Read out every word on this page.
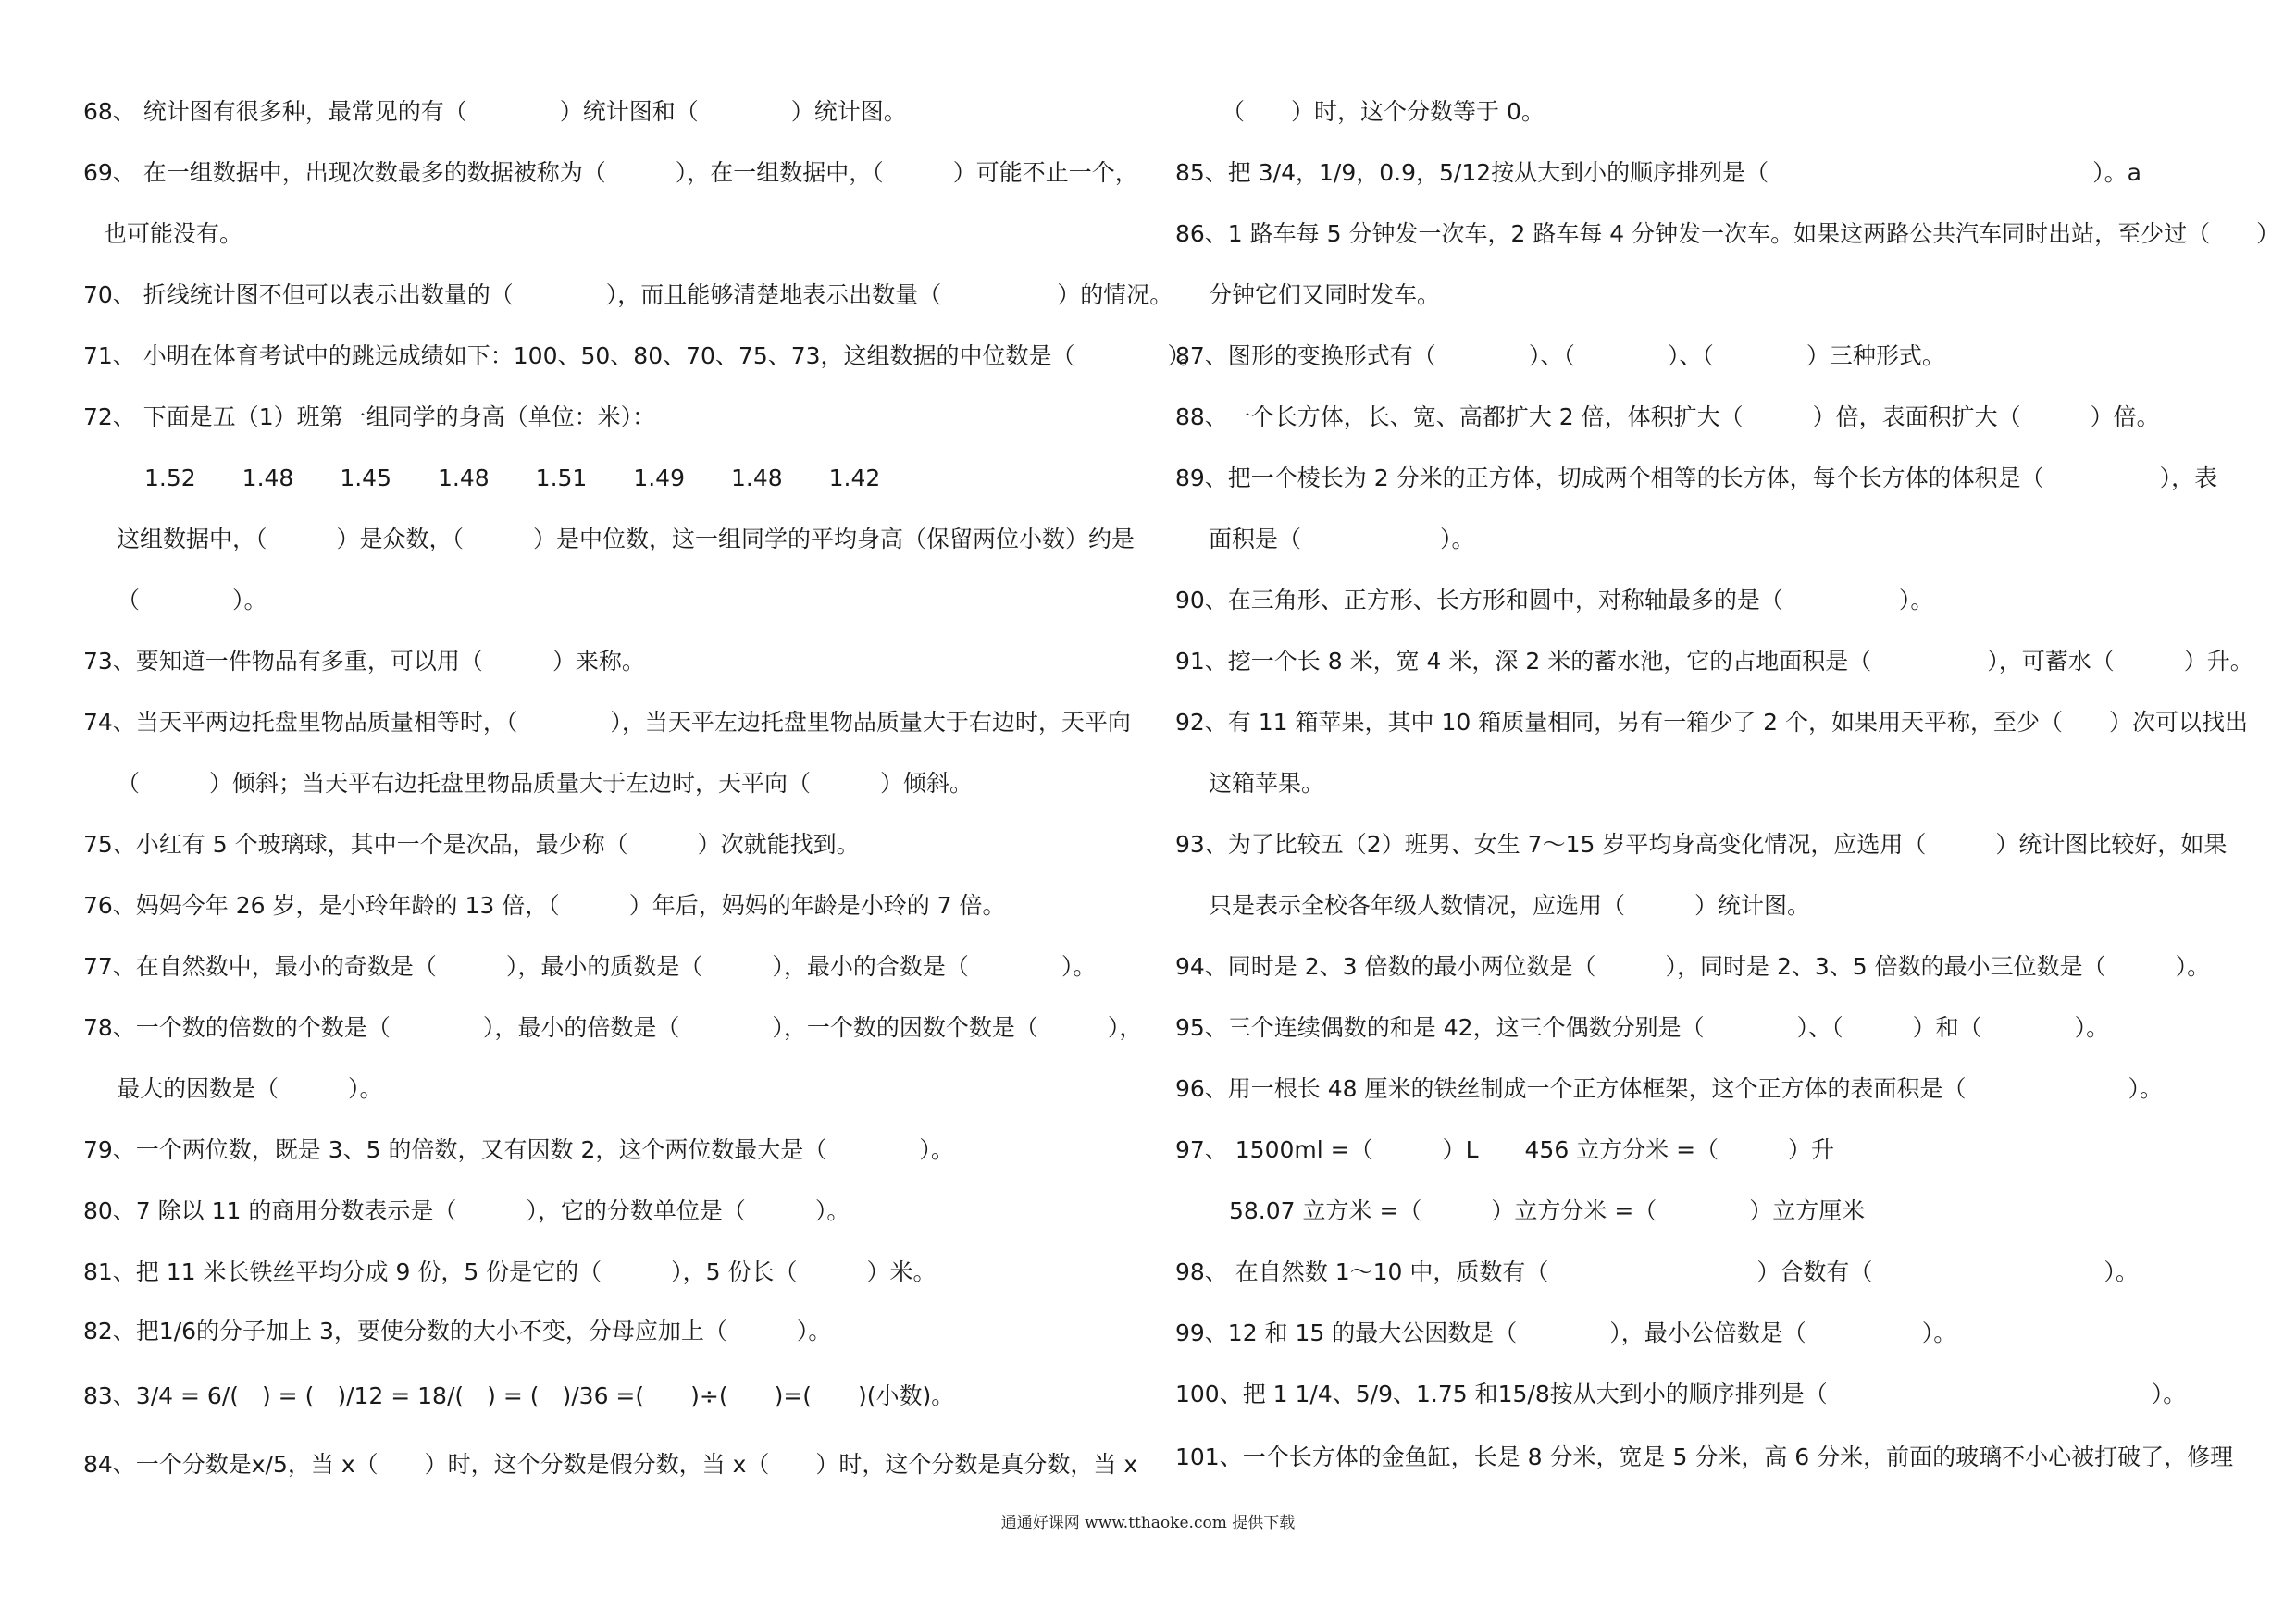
68、 统计图有很多种，最常见的有（　　　　）统计图和（　　　　）统计图。
69、 在一组数据中，出现次数最多的数据被称为（　　　），在一组数据中，（　　　）可能不止一个，
也可能没有。
70、 折线统计图不但可以表示出数量的（　　　　），而且能够清楚地表示出数量（　　　　　）的情况。
71、 小明在体育考试中的跳远成绩如下：100、50、80、70、75、73，这组数据的中位数是（　　　　）。
72、 下面是五（1）班第一组同学的身高（单位：米）：
1.52　　1.48　　1.45　　1.48　　1.51　　1.49　　1.48　　1.42
这组数据中，（　　　）是众数，（　　　）是中位数，这一组同学的平均身高（保留两位小数）约是
（　　　　）。
73、要知道一件物品有多重，可以用（　　　）来称。
74、当天平两边托盘里物品质量相等时，（　　　　），当天平左边托盘里物品质量大于右边时，天平向
（　　　）倾斜；当天平右边托盘里物品质量大于左边时，天平向（　　　）倾斜。
75、小红有 5 个玻璃球，其中一个是次品，最少称（　　　）次就能找到。
76、妈妈今年 26 岁，是小玲年龄的 13 倍，（　　　）年后，妈妈的年龄是小玲的 7 倍。
77、在自然数中，最小的奇数是（　　　），最小的质数是（　　　），最小的合数是（　　　　）。
78、一个数的倍数的个数是（　　　　），最小的倍数是（　　　　），一个数的因数个数是（　　　），
最大的因数是（　　　）。
79、一个两位数，既是 3、5 的倍数，又有因数 2，这个两位数最大是（　　　　）。
80、7 除以 11 的商用分数表示是（　　　），它的分数单位是（　　　）。
81、把 11 米长铁丝平均分成 9 份，5 份是它的（　　　），5 份长（　　　）米。
82、把1/6的分子加上 3，要使分数的大小不变，分母应加上（　　　）。
83、3/4 = 6/(　) = (　)/12 = 18/(　) = (　)/36 =(　　)÷(　　)=(　　)(小数)。
84、一个分数是x/5，当 x（　　）时，这个分数是假分数，当 x（　　）时，这个分数是真分数，当 x
（　　）时，这个分数等于 0。
85、把 3/4，1/9，0.9，5/12按从大到小的顺序排列是（　　　　　　　　　　　　　　）。a
86、1 路车每 5 分钟发一次车，2 路车每 4 分钟发一次车。如果这两路公共汽车同时出站，至少过（　　）
分钟它们又同时发车。
87、图形的变换形式有（　　　　）、（　　　　）、（　　　　）三种形式。
88、一个长方体，长、宽、高都扩大 2 倍，体积扩大（　　　）倍，表面积扩大（　　　）倍。
89、把一个棱长为 2 分米的正方体，切成两个相等的长方体，每个长方体的体积是（　　　　　），表
面积是（　　　　　　）。
90、在三角形、正方形、长方形和圆中，对称轴最多的是（　　　　　）。
91、挖一个长 8 米，宽 4 米，深 2 米的蓄水池，它的占地面积是（　　　　　），可蓄水（　　　）升。
92、有 11 箱苹果，其中 10 箱质量相同，另有一箱少了 2 个，如果用天平称，至少（　　）次可以找出
这箱苹果。
93、为了比较五（2）班男、女生 7～15 岁平均身高变化情况，应选用（　　　）统计图比较好，如果
只是表示全校各年级人数情况，应选用（　　　）统计图。
94、同时是 2、3 倍数的最小两位数是（　　　），同时是 2、3、5 倍数的最小三位数是（　　　）。
95、三个连续偶数的和是 42，这三个偶数分别是（　　　　）、（　　　）和（　　　　）。
96、用一根长 48 厘米的铁丝制成一个正方体框架，这个正方体的表面积是（　　　　　　　）。
97、 1500ml =（　　　）L　　456 立方分米 =（　　　）升
58.07 立方米 =（　　　）立方分米 =（　　　　）立方厘米
98、 在自然数 1～10 中，质数有（　　　　　　　　　）合数有（　　　　　　　　　　）。
99、12 和 15 的最大公因数是（　　　　），最小公倍数是（　　　　　）。
100、把 1 1/4、5/9、1.75 和15/8按从大到小的顺序排列是（　　　　　　　　　　　　　　）。
101、一个长方体的金鱼缸，长是 8 分米，宽是 5 分米，高 6 分米，前面的玻璃不小心被打破了，修理
通通好课网 www.tthaoke.com 提供下载
